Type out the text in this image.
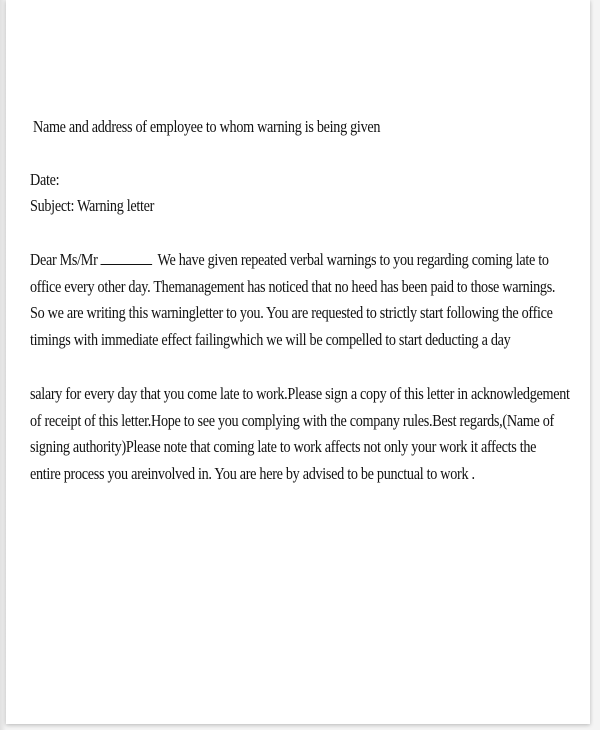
Name and address of employee to whom warning is being given
Date:
Subject: Warning letter
Dear Ms/Mr	We have given repeated verbal warnings to you regarding coming late to
office every other day. Themanagement has noticed that no heed has been paid to those warnings.
So we are writing this warningletter to you. You are requested to strictly start following the office
timings with immediate effect failingwhich we will be compelled to start deducting a day
salary for every day that you come late to work.Please sign a copy of this letter in acknowledgement
of receipt of this letter.Hope to see you complying with the company rules.Best regards,(Name of
signing authority)Please note that coming late to work affects not only your work it affects the
entire process you areinvolved in. You are here by advised to be punctual to work .
